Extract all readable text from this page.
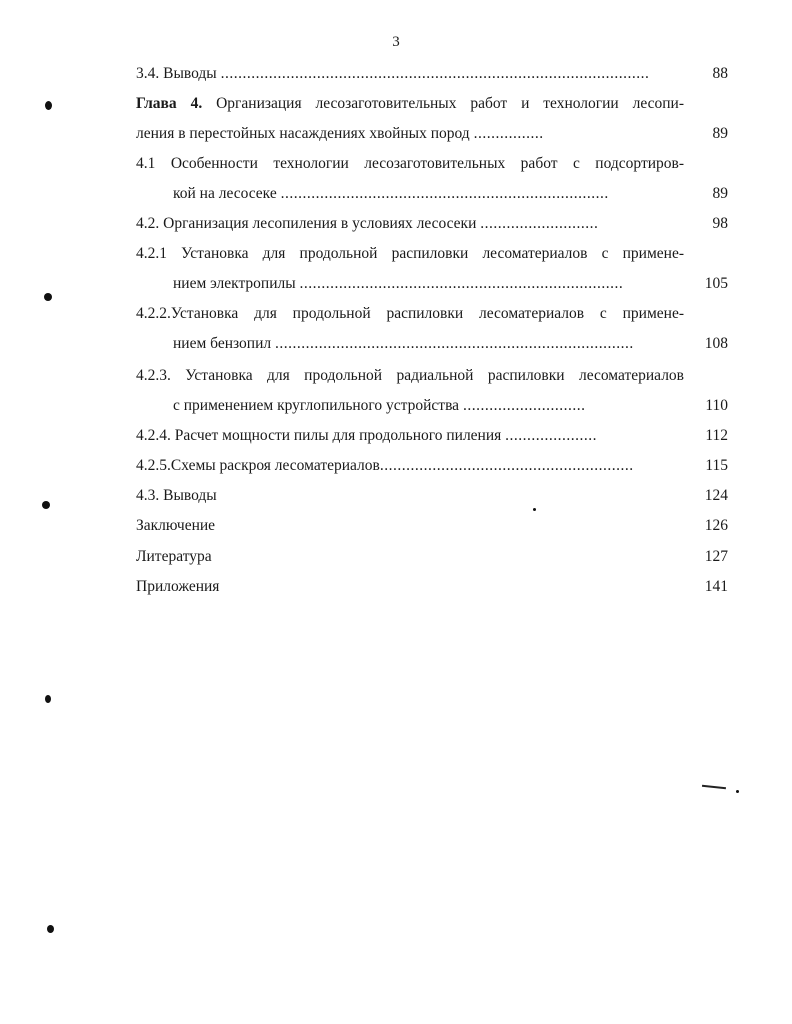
3
3.4. Выводы ..................................................................................................	88
Глава 4. Организация лесозаготовительных работ и технологии лесопи-
ления в перестойных насаждениях хвойных пород ................	89
4.1 Особенности технологии лесозаготовительных работ с подсортиров-
кой на лесосеке ...........................................................................	89
4.2. Организация лесопиления в условиях лесосеки ...........................	98
4.2.1 Установка для продольной распиловки лесоматериалов с примене-
нием электропилы ..........................................................................	105
4.2.2.Установка для продольной распиловки лесоматериалов с примене-
нием бензопил ..................................................................................	108
4.2.3. Установка для продольной радиальной распиловки лесоматериалов
с применением круглопильного устройства ............................	110
4.2.4. Расчет мощности пилы для продольного пиления .....................	112
4.2.5.Схемы раскроя лесоматериалов..........................................................	115
4.3. Выводы	124
Заключение	126
Литература	127
Приложения	141
